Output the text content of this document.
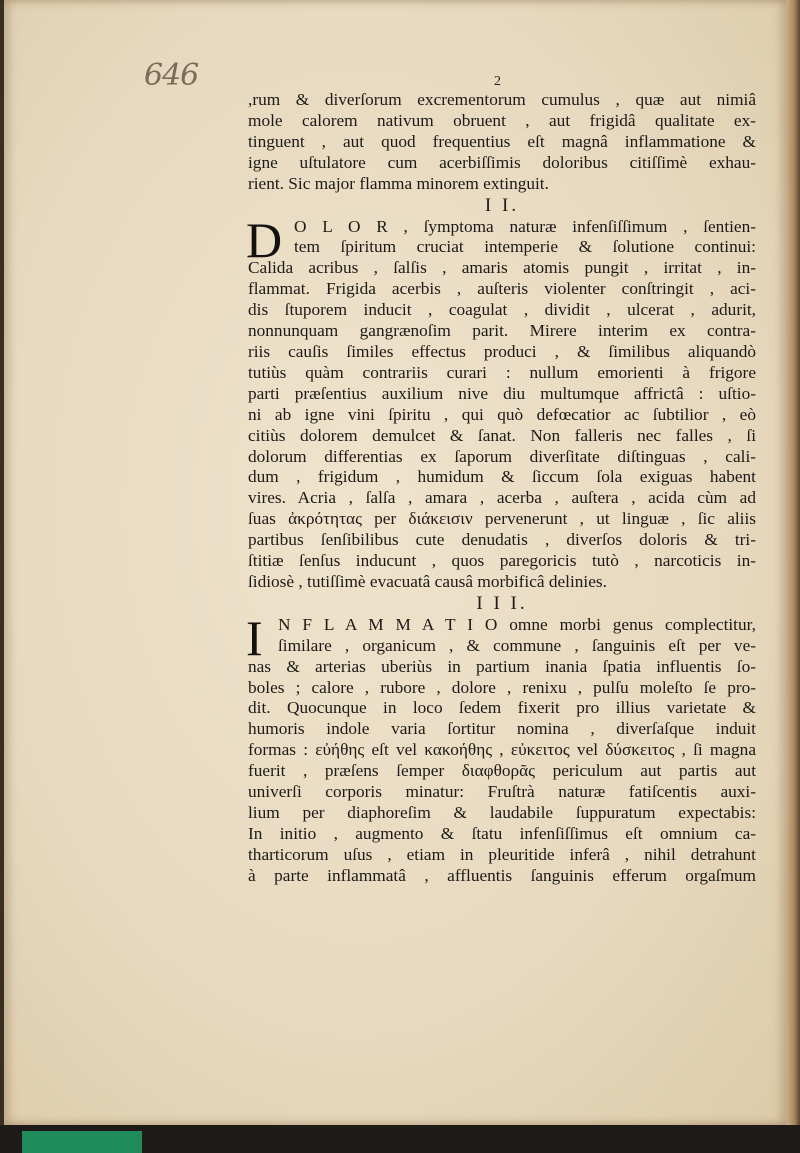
646	2
,rum & diverſorum excrementorum cumulus , quæ aut nimiâ
mole calorem nativum obruent , aut frigidâ qualitate ex-
tinguent , aut quod frequentius eſt magnâ inflammatione &
igne uſtulatore cum acerbiſſimis doloribus citiſſimè exhau-
rient. Sic major flamma minorem extinguit.
I I.
D O L O R , ſymptoma naturæ infenſiſſimum , ſentien-
tem ſpiritum cruciat intemperie & ſolutione continui:
Calida acribus , ſalſis , amaris atomis pungit , irritat , in-
flammat. Frigida acerbis , auſteris violenter conſtringit , aci-
dis ſtuporem inducit , coagulat , dividit , ulcerat , adurit,
nonnunquam gangrænoſim parit. Mirere interim ex contra-
riis cauſis ſimiles effectus produci , & ſimilibus aliquandò
tutiùs quàm contrariis curari : nullum emorienti à frigore
parti præſentius auxilium nive diu multumque affrictâ : uſtio-
ni ab igne vini ſpiritu , qui quò defœcatior ac ſubtilior , eò
citiùs dolorem demulcet & ſanat. Non falleris nec falles , ſi
dolorum differentias ex ſaporum diverſitate diſtinguas , cali-
dum , frigidum , humidum & ſiccum ſola exiguas habent
vires. Acria , ſalſa , amara , acerba , auſtera , acida cùm ad
ſuas ἀκρότητας per διάκεισιν pervenerunt , ut linguæ , ſic aliis
partibus ſenſibilibus cute denudatis , diverſos doloris & tri-
ſtitiæ ſenſus inducunt , quos paregoricis tutò , narcoticis in-
ſidiosè , tutiſſimè evacuatâ causâ morbificâ delinies.
I I I.
I N F L A M M A T I O omne morbi genus complectitur,
ſimilare , organicum , & commune , ſanguinis eſt per ve-
nas & arterias uberiùs in partium inania ſpatia influentis ſo-
boles ; calore , rubore , dolore , renixu , pulſu moleſto ſe pro-
dit. Quocunque in loco ſedem fixerit pro illius varietate &
humoris indole varia ſortitur nomina , diverſaſque induit
formas : εὐήθης eſt vel κακοήθης , εὐκειτος vel δύσκειτος , ſi magna
fuerit , præſens ſemper διαφθορᾶς periculum aut partis aut
univerſi corporis minatur: Fruſtrà naturæ fatiſcentis auxi-
lium per diaphoreſim & laudabile ſuppuratum expectabis:
In initio , augmento & ſtatu infenſiſſimus eſt omnium ca-
tharticorum uſus , etiam in pleuritide inferâ , nihil detrahunt
à parte inflammatâ , affluentis ſanguinis efferum orgaſmum
